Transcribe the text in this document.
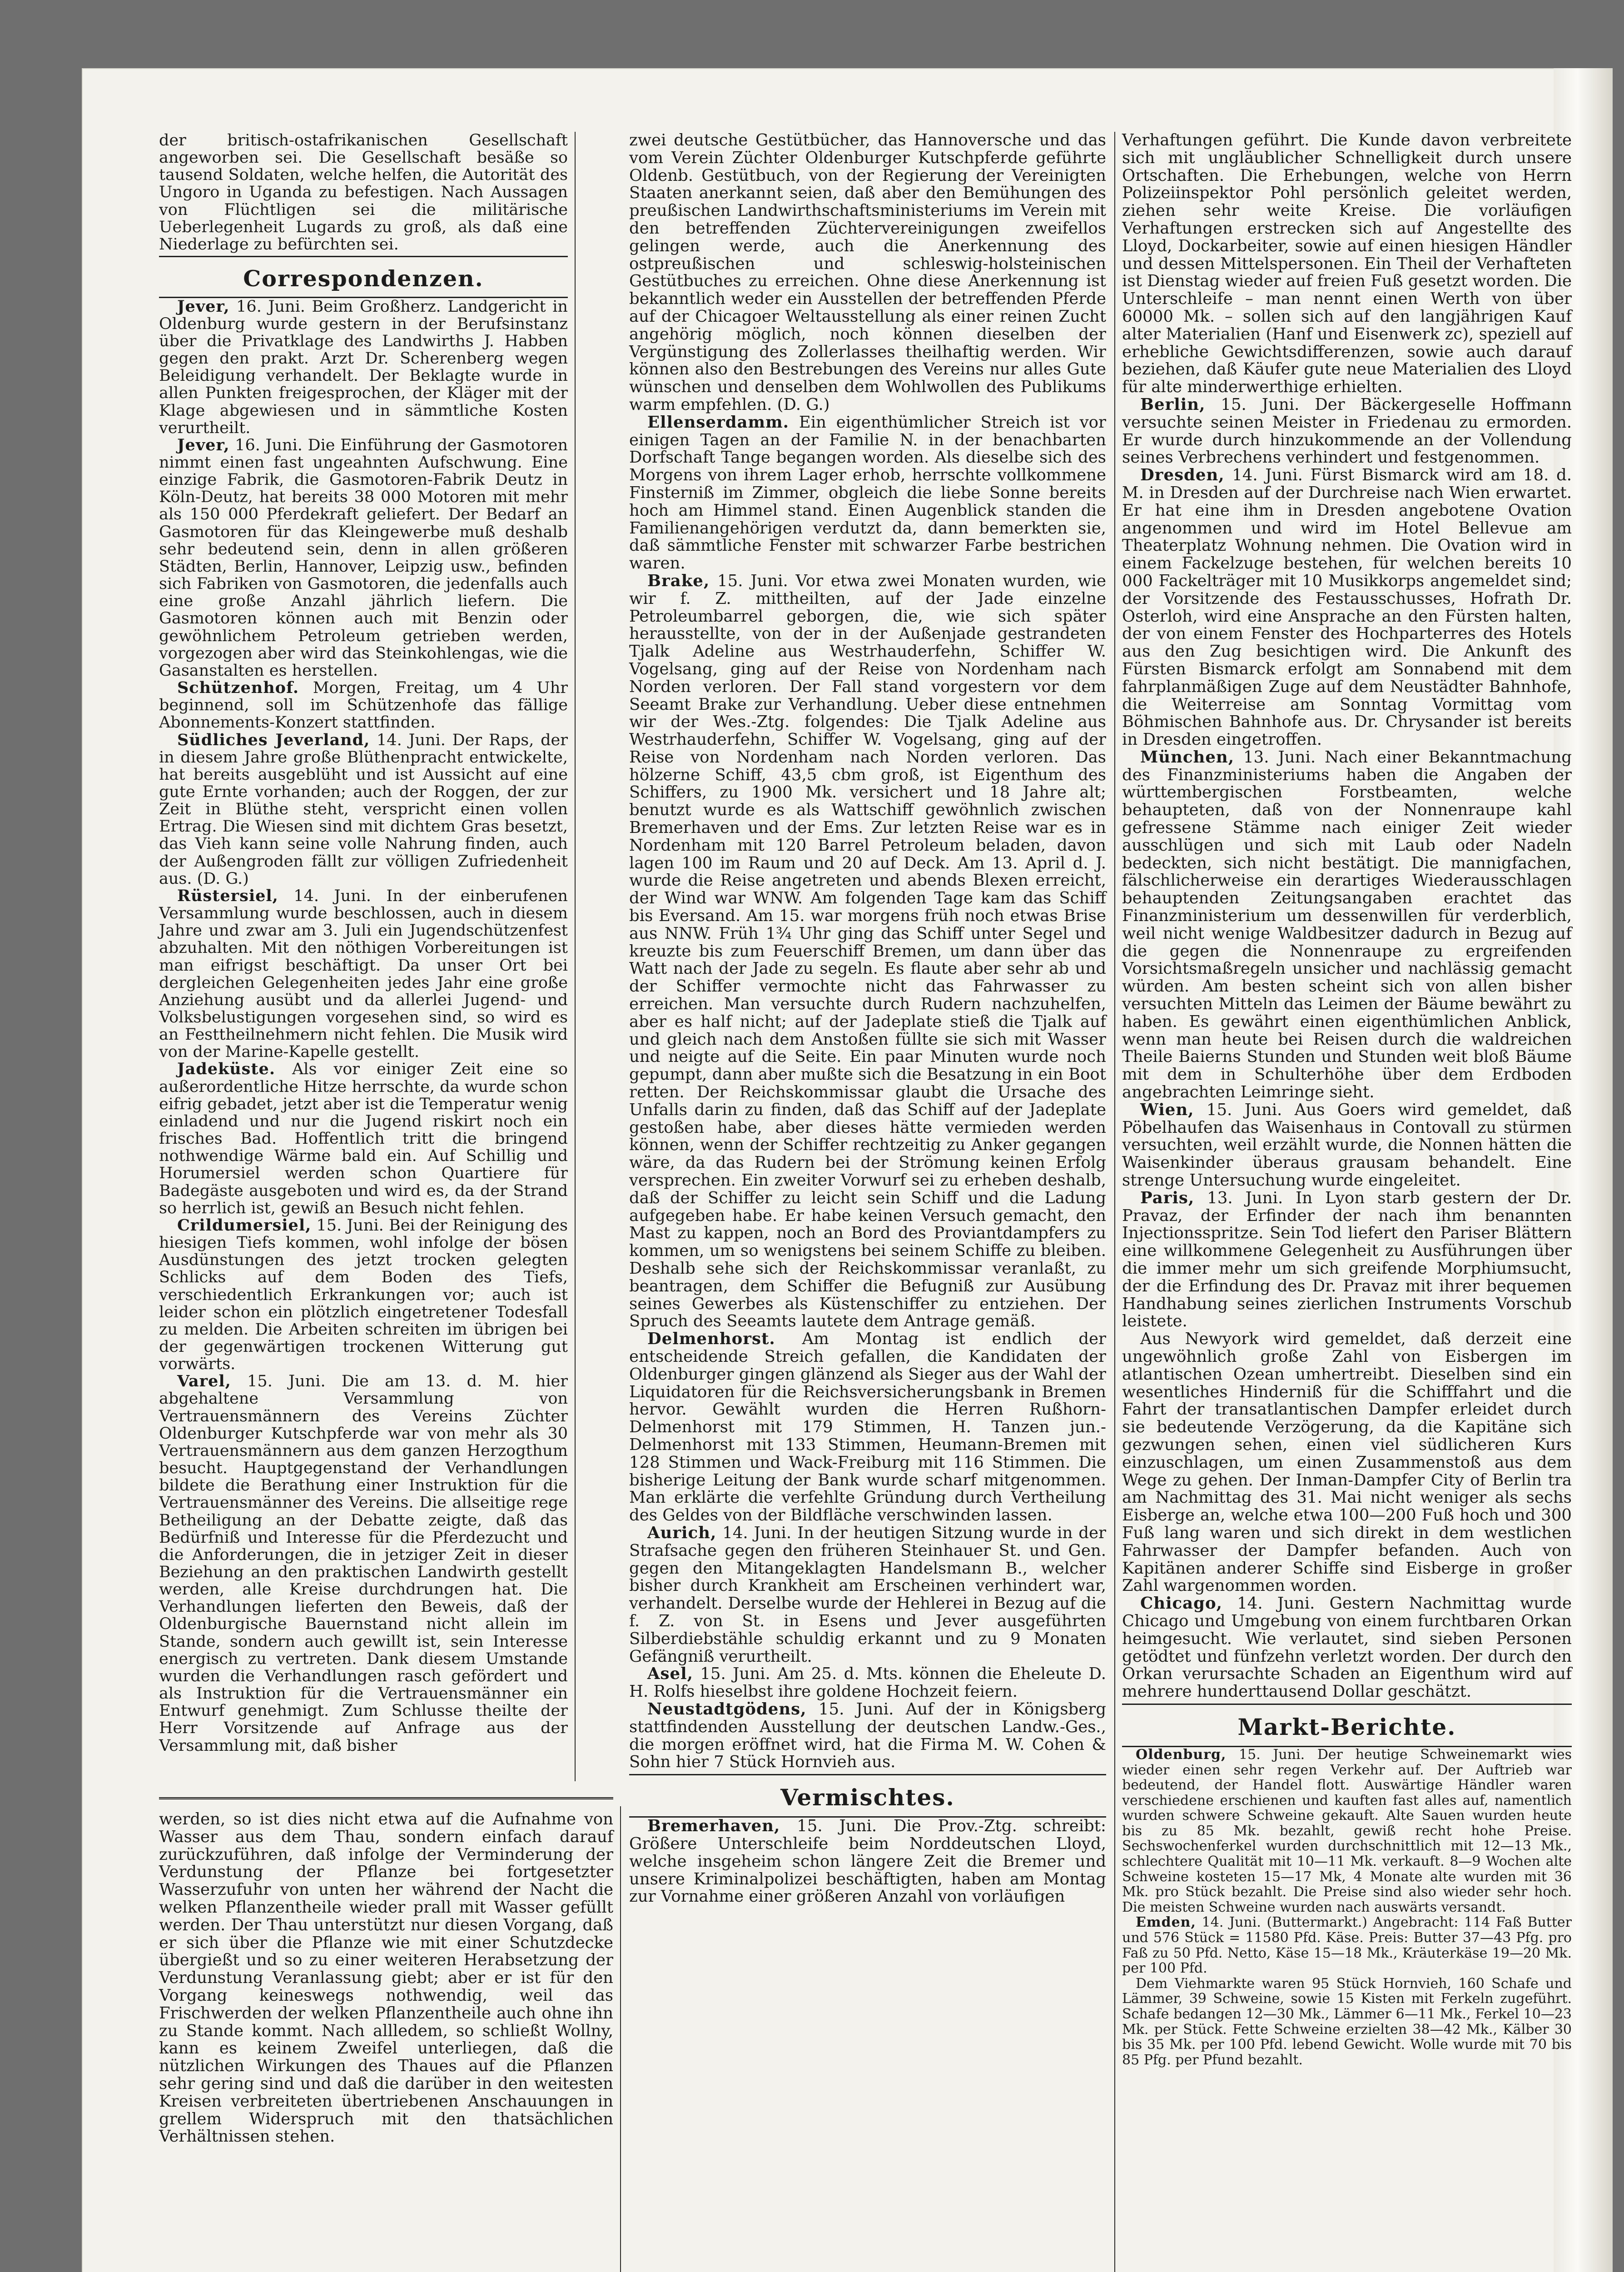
der britisch-ostafrikanischen Gesellschaft angeworben sei. Die Gesellschaft besäße so tausend Soldaten, welche helfen, die Autorität des Ungoro in Uganda zu befestigen. Nach Aussagen von Flüchtligen sei die militärische Ueberlegenheit Lugards zu groß, als daß eine Niederlage zu befürchten sei.

Correspondenzen.

Jever, 16. Juni. Beim Großherz. Landgericht in Oldenburg wurde gestern in der Berufsinstanz über die Privatklage des Landwirths J. Habben gegen den prakt. Arzt Dr. Scherenberg wegen Beleidigung verhandelt. Der Beklagte wurde in allen Punkten freigesprochen, der Kläger mit der Klage abgewiesen und in sämmtliche Kosten verurtheilt.

Jever, 16. Juni. Die Einführung der Gasmotoren nimmt einen fast ungeahnten Aufschwung. Eine einzige Fabrik, die Gasmotoren-Fabrik Deutz in Köln-Deutz, hat bereits 38 000 Motoren mit mehr als 150 000 Pferdekraft geliefert. Der Bedarf an Gasmotoren für das Kleingewerbe muß deshalb sehr bedeutend sein, denn in allen größeren Städten, Berlin, Hannover, Leipzig usw., befinden sich Fabriken von Gasmotoren, die jedenfalls auch eine große Anzahl jährlich liefern. Die Gasmotoren können auch mit Benzin oder gewöhnlichem Petroleum getrieben werden, vorgezogen aber wird das Steinkohlengas, wie die Gasanstalten es herstellen.

Schützenhof. Morgen, Freitag, um 4 Uhr beginnend, soll im Schützenhofe das fällige Abonnements-Konzert stattfinden.

Südliches Jeverland, 14. Juni. Der Raps, der in diesem Jahre große Blüthenpracht entwickelte, hat bereits ausgeblüht und ist Aussicht auf eine gute Ernte vorhanden; auch der Roggen, der zur Zeit in Blüthe steht, verspricht einen vollen Ertrag. Die Wiesen sind mit dichtem Gras besetzt, das Vieh kann seine volle Nahrung finden, auch der Außengroden fällt zur völligen Zufriedenheit aus. (D. G.)

Rüstersiel, 14. Juni. In der einberufenen Versammlung wurde beschlossen, auch in diesem Jahre und zwar am 3. Juli ein Jugendschützenfest abzuhalten. Mit den nöthigen Vorbereitungen ist man eifrigst beschäftigt. Da unser Ort bei dergleichen Gelegenheiten jedes Jahr eine große Anziehung ausübt und da allerlei Jugend- und Volksbelustigungen vorgesehen sind, so wird es an Festtheilnehmern nicht fehlen. Die Musik wird von der Marine-Kapelle gestellt.

Jadeküste. Als vor einiger Zeit eine so außerordentliche Hitze herrschte, da wurde schon eifrig gebadet, jetzt aber ist die Temperatur wenig einladend und nur die Jugend riskirt noch ein frisches Bad. Hoffentlich tritt die bringend nothwendige Wärme bald ein. Auf Schillig und Horumersiel werden schon Quartiere für Badegäste ausgeboten und wird es, da der Strand so herrlich ist, gewiß an Besuch nicht fehlen.

Crildumersiel, 15. Juni. Bei der Reinigung des hiesigen Tiefs kommen, wohl infolge der bösen Ausdünstungen des jetzt trocken gelegten Schlicks auf dem Boden des Tiefs, verschiedentlich Erkrankungen vor; auch ist leider schon ein plötzlich eingetretener Todesfall zu melden. Die Arbeiten schreiten im übrigen bei der gegenwärtigen trockenen Witterung gut vorwärts.

Varel, 15. Juni. Die am 13. d. M. hier abgehaltene Versammlung von Vertrauensmännern des Vereins Züchter Oldenburger Kutschpferde war von mehr als 30 Vertrauensmännern aus dem ganzen Herzogthum besucht. Hauptgegenstand der Verhandlungen bildete die Berathung einer Instruktion für die Vertrauensmänner des Vereins. Die allseitige rege Betheiligung an der Debatte zeigte, daß das Bedürfniß und Interesse für die Pferdezucht und die Anforderungen, die in jetziger Zeit in dieser Beziehung an den praktischen Landwirth gestellt werden, alle Kreise durchdrungen hat. Die Verhandlungen lieferten den Beweis, daß der Oldenburgische Bauernstand nicht allein im Stande, sondern auch gewillt ist, sein Interesse energisch zu vertreten. Dank diesem Umstande wurden die Verhandlungen rasch gefördert und als Instruktion für die Vertrauensmänner ein Entwurf genehmigt. Zum Schlusse theilte der Herr Vorsitzende auf Anfrage aus der Versammlung mit, daß bisher

werden, so ist dies nicht etwa auf die Aufnahme von Wasser aus dem Thau, sondern einfach darauf zurückzuführen, daß infolge der Verminderung der Verdunstung der Pflanze bei fortgesetzter Wasserzufuhr von unten her während der Nacht die welken Pflanzentheile wieder prall mit Wasser gefüllt werden. Der Thau unterstützt nur diesen Vorgang, daß er sich über die Pflanze wie mit einer Schutzdecke übergießt und so zu einer weiteren Herabsetzung der Verdunstung Veranlassung giebt; aber er ist für den Vorgang keineswegs nothwendig, weil das Frischwerden der welken Pflanzentheile auch ohne ihn zu Stande kommt. Nach allledem, so schließt Wollny, kann es keinem Zweifel unterliegen, daß die nützlichen Wirkungen des Thaues auf die Pflanzen sehr gering sind und daß die darüber in den weitesten Kreisen verbreiteten übertriebenen Anschauungen in grellem Widerspruch mit den thatsächlichen Verhältnissen stehen.

zwei deutsche Gestütbücher, das Hannoversche und das vom Verein Züchter Oldenburger Kutschpferde geführte Oldenb. Gestütbuch, von der Regierung der Vereinigten Staaten anerkannt seien, daß aber den Bemühungen des preußischen Landwirthschaftsministeriums im Verein mit den betreffenden Züchtervereinigungen zweifellos gelingen werde, auch die Anerkennung des ostpreußischen und schleswig-holsteinischen Gestütbuches zu erreichen. Ohne diese Anerkennung ist bekanntlich weder ein Ausstellen der betreffenden Pferde auf der Chicagoer Weltausstellung als einer reinen Zucht angehörig möglich, noch können dieselben der Vergünstigung des Zollerlasses theilhaftig werden. Wir können also den Bestrebungen des Vereins nur alles Gute wünschen und denselben dem Wohlwollen des Publikums warm empfehlen. (D. G.)

Ellenserdamm. Ein eigenthümlicher Streich ist vor einigen Tagen an der Familie N. in der benachbarten Dorfschaft Tange begangen worden. Als dieselbe sich des Morgens von ihrem Lager erhob, herrschte vollkommene Finsterniß im Zimmer, obgleich die liebe Sonne bereits hoch am Himmel stand. Einen Augenblick standen die Familienangehörigen verdutzt da, dann bemerkten sie, daß sämmtliche Fenster mit schwarzer Farbe bestrichen waren.

Brake, 15. Juni. Vor etwa zwei Monaten wurden, wie wir f. Z. mittheilten, auf der Jade einzelne Petroleumbarrel geborgen, die, wie sich später herausstellte, von der in der Außenjade gestrandeten Tjalk Adeline aus Westrhauderfehn, Schiffer W. Vogelsang, ging auf der Reise von Nordenham nach Norden verloren. Der Fall stand vorgestern vor dem Seeamt Brake zur Verhandlung. Ueber diese entnehmen wir der Wes.-Ztg. folgendes: Die Tjalk Adeline aus Westrhauderfehn, Schiffer W. Vogelsang, ging auf der Reise von Nordenham nach Norden verloren. Das hölzerne Schiff, 43,5 cbm groß, ist Eigenthum des Schiffers, zu 1900 Mk. versichert und 18 Jahre alt; benutzt wurde es als Wattschiff gewöhnlich zwischen Bremerhaven und der Ems. Zur letzten Reise war es in Nordenham mit 120 Barrel Petroleum beladen, davon lagen 100 im Raum und 20 auf Deck. Am 13. April d. J. wurde die Reise angetreten und abends Blexen erreicht, der Wind war WNW. Am folgenden Tage kam das Schiff bis Eversand. Am 15. war morgens früh noch etwas Brise aus NNW. Früh 1¾ Uhr ging das Schiff unter Segel und kreuzte bis zum Feuerschiff Bremen, um dann über das Watt nach der Jade zu segeln. Es flaute aber sehr ab und der Schiffer vermochte nicht das Fahrwasser zu erreichen. Man versuchte durch Rudern nachzuhelfen, aber es half nicht; auf der Jadeplate stieß die Tjalk auf und gleich nach dem Anstoßen füllte sie sich mit Wasser und neigte auf die Seite. Ein paar Minuten wurde noch gepumpt, dann aber mußte sich die Besatzung in ein Boot retten. Der Reichskommissar glaubt die Ursache des Unfalls darin zu finden, daß das Schiff auf der Jadeplate gestoßen habe, aber dieses hätte vermieden werden können, wenn der Schiffer rechtzeitig zu Anker gegangen wäre, da das Rudern bei der Strömung keinen Erfolg versprechen. Ein zweiter Vorwurf sei zu erheben deshalb, daß der Schiffer zu leicht sein Schiff und die Ladung aufgegeben habe. Er habe keinen Versuch gemacht, den Mast zu kappen, noch an Bord des Proviantdampfers zu kommen, um so wenigstens bei seinem Schiffe zu bleiben. Deshalb sehe sich der Reichskommissar veranlaßt, zu beantragen, dem Schiffer die Befugniß zur Ausübung seines Gewerbes als Küstenschiffer zu entziehen. Der Spruch des Seeamts lautete dem Antrage gemäß.

Delmenhorst. Am Montag ist endlich der entscheidende Streich gefallen, die Kandidaten der Oldenburger gingen glänzend als Sieger aus der Wahl der Liquidatoren für die Reichsversicherungsbank in Bremen hervor. Gewählt wurden die Herren Rußhorn-Delmenhorst mit 179 Stimmen, H. Tanzen jun.-Delmenhorst mit 133 Stimmen, Heumann-Bremen mit 128 Stimmen und Wack-Freiburg mit 116 Stimmen. Die bisherige Leitung der Bank wurde scharf mitgenommen. Man erklärte die verfehlte Gründung durch Vertheilung des Geldes von der Bildfläche verschwinden lassen.

Aurich, 14. Juni. In der heutigen Sitzung wurde in der Strafsache gegen den früheren Steinhauer St. und Gen. gegen den Mitangeklagten Handelsmann B., welcher bisher durch Krankheit am Erscheinen verhindert war, verhandelt. Derselbe wurde der Hehlerei in Bezug auf die f. Z. von St. in Esens und Jever ausgeführten Silberdiebstähle schuldig erkannt und zu 9 Monaten Gefängniß verurtheilt.

Asel, 15. Juni. Am 25. d. Mts. können die Eheleute D. H. Rolfs hieselbst ihre goldene Hochzeit feiern.

Neustadtgödens, 15. Juni. Auf der in Königsberg stattfindenden Ausstellung der deutschen Landw.-Ges., die morgen eröffnet wird, hat die Firma M. W. Cohen & Sohn hier 7 Stück Hornvieh aus.

Vermischtes.

Bremerhaven, 15. Juni. Die Prov.-Ztg. schreibt: Größere Unterschleife beim Norddeutschen Lloyd, welche insgeheim schon längere Zeit die Bremer und unsere Kriminalpolizei beschäftigten, haben am Montag zur Vornahme einer größeren Anzahl von vorläufigen

Verhaftungen geführt. Die Kunde davon verbreitete sich mit ungläublicher Schnelligkeit durch unsere Ortschaften. Die Erhebungen, welche von Herrn Polizeiinspektor Pohl persönlich geleitet werden, ziehen sehr weite Kreise. Die vorläufigen Verhaftungen erstrecken sich auf Angestellte des Lloyd, Dockarbeiter, sowie auf einen hiesigen Händler und dessen Mittelspersonen. Ein Theil der Verhafteten ist Dienstag wieder auf freien Fuß gesetzt worden. Die Unterschleife – man nennt einen Werth von über 60000 Mk. – sollen sich auf den langjährigen Kauf alter Materialien (Hanf und Eisenwerk zc), speziell auf erhebliche Gewichtsdifferenzen, sowie auch darauf beziehen, daß Käufer gute neue Materialien des Lloyd für alte minderwerthige erhielten.

Berlin, 15. Juni. Der Bäckergeselle Hoffmann versuchte seinen Meister in Friedenau zu ermorden. Er wurde durch hinzukommende an der Vollendung seines Verbrechens verhindert und festgenommen.

Dresden, 14. Juni. Fürst Bismarck wird am 18. d. M. in Dresden auf der Durchreise nach Wien erwartet. Er hat eine ihm in Dresden angebotene Ovation angenommen und wird im Hotel Bellevue am Theaterplatz Wohnung nehmen. Die Ovation wird in einem Fackelzuge bestehen, für welchen bereits 10 000 Fackelträger mit 10 Musikkorps angemeldet sind; der Vorsitzende des Festausschusses, Hofrath Dr. Osterloh, wird eine Ansprache an den Fürsten halten, der von einem Fenster des Hochparterres des Hotels aus den Zug besichtigen wird. Die Ankunft des Fürsten Bismarck erfolgt am Sonnabend mit dem fahrplanmäßigen Zuge auf dem Neustädter Bahnhofe, die Weiterreise am Sonntag Vormittag vom Böhmischen Bahnhofe aus. Dr. Chrysander ist bereits in Dresden eingetroffen.

München, 13. Juni. Nach einer Bekanntmachung des Finanzministeriums haben die Angaben der württembergischen Forstbeamten, welche behaupteten, daß von der Nonnenraupe kahl gefressene Stämme nach einiger Zeit wieder ausschlügen und sich mit Laub oder Nadeln bedeckten, sich nicht bestätigt. Die mannigfachen, fälschlicherweise ein derartiges Wiederausschlagen behauptenden Zeitungsangaben erachtet das Finanzministerium um dessenwillen für verderblich, weil nicht wenige Waldbesitzer dadurch in Bezug auf die gegen die Nonnenraupe zu ergreifenden Vorsichtsmaßregeln unsicher und nachlässig gemacht würden. Am besten scheint sich von allen bisher versuchten Mitteln das Leimen der Bäume bewährt zu haben. Es gewährt einen eigenthümlichen Anblick, wenn man heute bei Reisen durch die waldreichen Theile Baierns Stunden und Stunden weit bloß Bäume mit dem in Schulterhöhe über dem Erdboden angebrachten Leimringe sieht.

Wien, 15. Juni. Aus Goers wird gemeldet, daß Pöbelhaufen das Waisenhaus in Contovall zu stürmen versuchten, weil erzählt wurde, die Nonnen hätten die Waisenkinder überaus grausam behandelt. Eine strenge Untersuchung wurde eingeleitet.

Paris, 13. Juni. In Lyon starb gestern der Dr. Pravaz, der Erfinder der nach ihm benannten Injectionsspritze. Sein Tod liefert den Pariser Blättern eine willkommene Gelegenheit zu Ausführungen über die immer mehr um sich greifende Morphiumsucht, der die Erfindung des Dr. Pravaz mit ihrer bequemen Handhabung seines zierlichen Instruments Vorschub leistete.

Aus Newyork wird gemeldet, daß derzeit eine ungewöhnlich große Zahl von Eisbergen im atlantischen Ozean umhertreibt. Dieselben sind ein wesentliches Hinderniß für die Schifffahrt und die Fahrt der transatlantischen Dampfer erleidet durch sie bedeutende Verzögerung, da die Kapitäne sich gezwungen sehen, einen viel südlicheren Kurs einzuschlagen, um einen Zusammenstoß aus dem Wege zu gehen. Der Inman-Dampfer City of Berlin tra am Nachmittag des 31. Mai nicht weniger als sechs Eisberge an, welche etwa 100—200 Fuß hoch und 300 Fuß lang waren und sich direkt in dem westlichen Fahrwasser der Dampfer befanden. Auch von Kapitänen anderer Schiffe sind Eisberge in großer Zahl wargenommen worden.

Chicago, 14. Juni. Gestern Nachmittag wurde Chicago und Umgebung von einem furchtbaren Orkan heimgesucht. Wie verlautet, sind sieben Personen getödtet und fünfzehn verletzt worden. Der durch den Orkan verursachte Schaden an Eigenthum wird auf mehrere hunderttausend Dollar geschätzt.

Markt-Berichte.

Oldenburg, 15. Juni. Der heutige Schweinemarkt wies wieder einen sehr regen Verkehr auf. Der Auftrieb war bedeutend, der Handel flott. Auswärtige Händler waren verschiedene erschienen und kauften fast alles auf, namentlich wurden schwere Schweine gekauft. Alte Sauen wurden heute bis zu 85 Mk. bezahlt, gewiß recht hohe Preise. Sechswochenferkel wurden durchschnittlich mit 12—13 Mk., schlechtere Qualität mit 10—11 Mk. verkauft. 8—9 Wochen alte Schweine kosteten 15—17 Mk, 4 Monate alte wurden mit 36 Mk. pro Stück bezahlt. Die Preise sind also wieder sehr hoch. Die meisten Schweine wurden nach auswärts versandt.

Emden, 14. Juni. (Buttermarkt.) Angebracht: 114 Faß Butter und 576 Stück = 11580 Pfd. Käse. Preis: Butter 37—43 Pfg. pro Faß zu 50 Pfd. Netto, Käse 15—18 Mk., Kräuterkäse 19—20 Mk. per 100 Pfd.

Dem Viehmarkte waren 95 Stück Hornvieh, 160 Schafe und Lämmer, 39 Schweine, sowie 15 Kisten mit Ferkeln zugeführt. Schafe bedangen 12—30 Mk., Lämmer 6—11 Mk., Ferkel 10—23 Mk. per Stück. Fette Schweine erzielten 38—42 Mk., Kälber 30 bis 35 Mk. per 100 Pfd. lebend Gewicht. Wolle wurde mit 70 bis 85 Pfg. per Pfund bezahlt.
